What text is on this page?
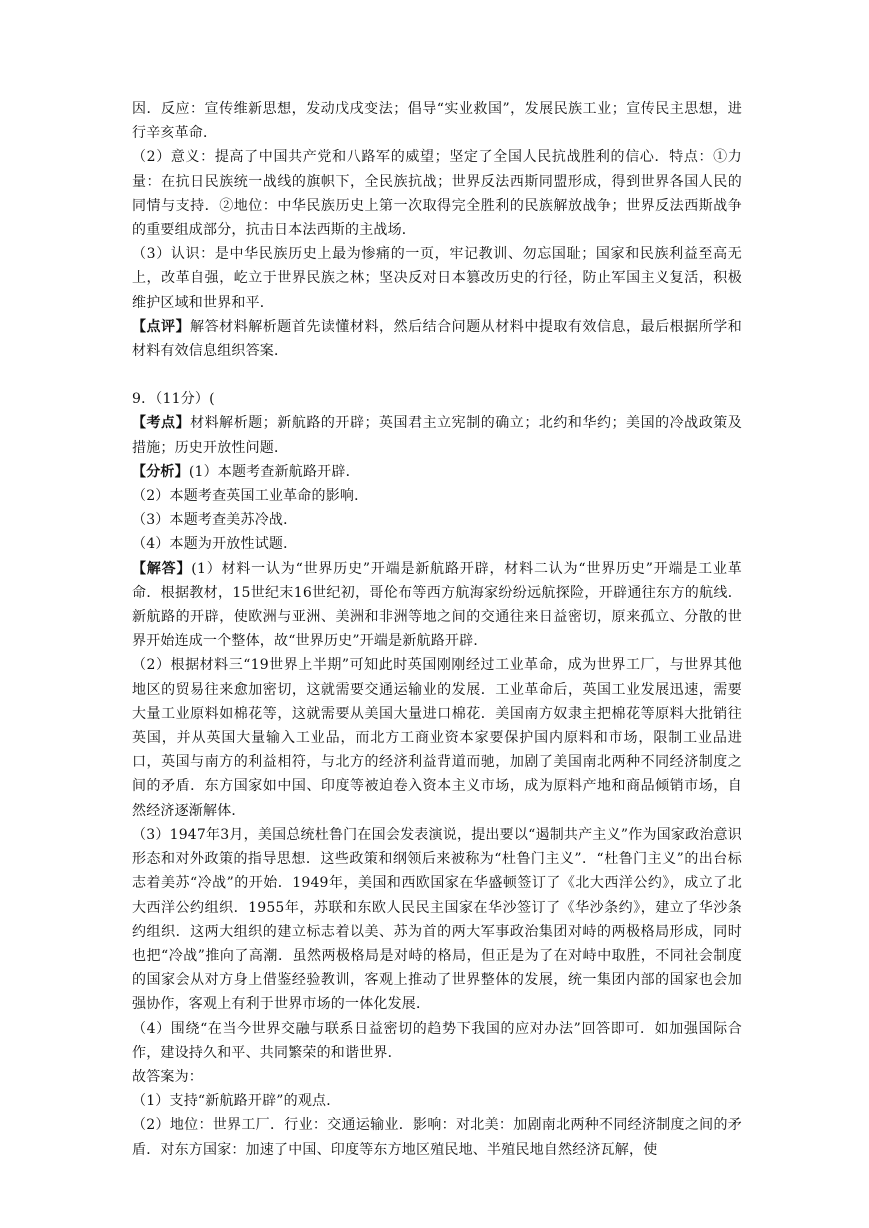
因．反应：宣传维新思想，发动戊戌变法；倡导“实业救国”，发展民族工业；宣传民主思想，进行辛亥革命．

（2）意义：提高了中国共产党和八路军的威望；坚定了全国人民抗战胜利的信心．特点：①力量：在抗日民族统一战线的旗帜下，全民族抗战；世界反法西斯同盟形成，得到世界各国人民的同情与支持．②地位：中华民族历史上第一次取得完全胜利的民族解放战争；世界反法西斯战争的重要组成部分，抗击日本法西斯的主战场．

（3）认识：是中华民族历史上最为惨痛的一页，牢记教训、勿忘国耻；国家和民族利益至高无上，改革自强，屹立于世界民族之林；坚决反对日本篡改历史的行径，防止军国主义复活，积极维护区域和世界和平．

【点评】解答材料解析题首先读懂材料，然后结合问题从材料中提取有效信息，最后根据所学和材料有效信息组织答案．

9．（11分）(

【考点】材料解析题；新航路的开辟；英国君主立宪制的确立；北约和华约；美国的冷战政策及措施；历史开放性问题．

【分析】(1）本题考查新航路开辟．

（2）本题考查英国工业革命的影响．

（3）本题考查美苏冷战．

（4）本题为开放性试题．

【解答】(1）材料一认为“世界历史”开端是新航路开辟，材料二认为“世界历史”开端是工业革命．根据教材，15世纪末16世纪初，哥伦布等西方航海家纷纷远航探险，开辟通往东方的航线．新航路的开辟，使欧洲与亚洲、美洲和非洲等地之间的交通往来日益密切，原来孤立、分散的世界开始连成一个整体，故“世界历史”开端是新航路开辟．

（2）根据材料三“19世界上半期”可知此时英国刚刚经过工业革命，成为世界工厂，与世界其他地区的贸易往来愈加密切，这就需要交通运输业的发展．工业革命后，英国工业发展迅速，需要大量工业原料如棉花等，这就需要从美国大量进口棉花．美国南方奴隶主把棉花等原料大批销往英国，并从英国大量输入工业品，而北方工商业资本家要保护国内原料和市场，限制工业品进口，英国与南方的利益相符，与北方的经济利益背道而驰，加剧了美国南北两种不同经济制度之间的矛盾．东方国家如中国、印度等被迫卷入资本主义市场，成为原料产地和商品倾销市场，自然经济逐渐解体．

（3）1947年3月，美国总统杜鲁门在国会发表演说，提出要以“遏制共产主义”作为国家政治意识形态和对外政策的指导思想．这些政策和纲领后来被称为“杜鲁门主义”．“杜鲁门主义”的出台标志着美苏“冷战”的开始．1949年，美国和西欧国家在华盛顿签订了《北大西洋公约》，成立了北大西洋公约组织．1955年，苏联和东欧人民民主国家在华沙签订了《华沙条约》，建立了华沙条约组织．这两大组织的建立标志着以美、苏为首的两大军事政治集团对峙的两极格局形成，同时也把“冷战”推向了高潮．虽然两极格局是对峙的格局，但正是为了在对峙中取胜，不同社会制度的国家会从对方身上借鉴经验教训，客观上推动了世界整体的发展，统一集团内部的国家也会加强协作，客观上有利于世界市场的一体化发展．

（4）围绕“在当今世界交融与联系日益密切的趋势下我国的应对办法”回答即可．如加强国际合作，建设持久和平、共同繁荣的和谐世界．

故答案为：

（1）支持“新航路开辟”的观点．

（2）地位：世界工厂．行业：交通运输业．影响：对北美：加剧南北两种不同经济制度之间的矛盾．对东方国家：加速了中国、印度等东方地区殖民地、半殖民地自然经济瓦解，使
